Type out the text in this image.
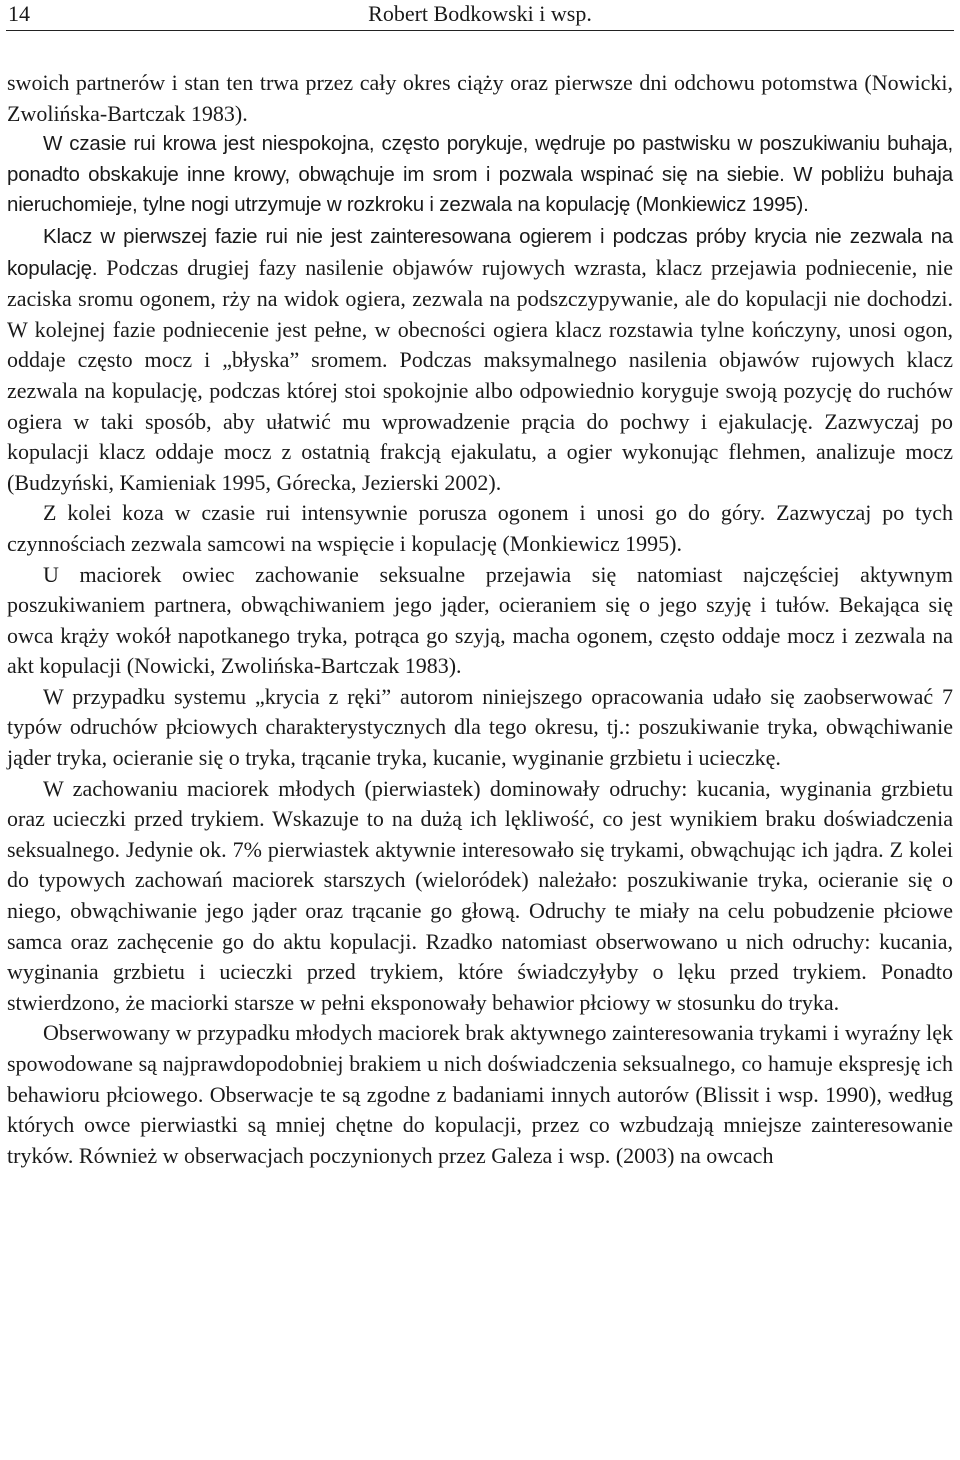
14	Robert Bodkowski i wsp.

swoich partnerów i stan ten trwa przez cały okres ciąży oraz pierwsze dni odchowu potomstwa (Nowicki, Zwolińska-Bartczak 1983).

W czasie rui krowa jest niespokojna, często porykuje, wędruje po pastwisku w poszukiwaniu buhaja, ponadto obskakuje inne krowy, obwąchuje im srom i pozwala wspinać się na siebie. W pobliżu buhaja nieruchomieje, tylne nogi utrzymuje w rozkroku i zezwala na kopulację (Monkiewicz 1995).

Klacz w pierwszej fazie rui nie jest zainteresowana ogierem i podczas próby krycia nie zezwala na kopulację. Podczas drugiej fazy nasilenie objawów rujowych wzrasta, klacz przejawia podniecenie, nie zaciska sromu ogonem, rży na widok ogiera, zezwala na podszczypywanie, ale do kopulacji nie dochodzi. W kolejnej fazie podniecenie jest pełne, w obecności ogiera klacz rozstawia tylne kończyny, unosi ogon, oddaje często mocz i „błyska” sromem. Podczas maksymalnego nasilenia objawów rujowych klacz zezwala na kopulację, podczas której stoi spokojnie albo odpowiednio koryguje swoją pozycję do ruchów ogiera w taki sposób, aby ułatwić mu wprowadzenie prącia do pochwy i ejakulację. Zazwyczaj po kopulacji klacz oddaje mocz z ostatnią frakcją ejakulatu, a ogier wykonując flehmen, analizuje mocz (Budzyński, Kamieniak 1995, Górecka, Jezierski 2002).

Z kolei koza w czasie rui intensywnie porusza ogonem i unosi go do góry. Zazwyczaj po tych czynnościach zezwala samcowi na wspięcie i kopulację (Monkiewicz 1995).

U maciorek owiec zachowanie seksualne przejawia się natomiast najczęściej aktywnym poszukiwaniem partnera, obwąchiwaniem jego jąder, ocieraniem się o jego szyję i tułów. Bekająca się owca krąży wokół napotkanego tryka, potrąca go szyją, macha ogonem, często oddaje mocz i zezwala na akt kopulacji (Nowicki, Zwolińska-Bartczak 1983).

W przypadku systemu „krycia z ręki” autorom niniejszego opracowania udało się zaobserwować 7 typów odruchów płciowych charakterystycznych dla tego okresu, tj.: poszukiwanie tryka, obwąchiwanie jąder tryka, ocieranie się o tryka, trącanie tryka, kucanie, wyginanie grzbietu i ucieczkę.

W zachowaniu maciorek młodych (pierwiastek) dominowały odruchy: kucania, wyginania grzbietu oraz ucieczki przed trykiem. Wskazuje to na dużą ich lękliwość, co jest wynikiem braku doświadczenia seksualnego. Jedynie ok. 7% pierwiastek aktywnie interesowało się trykami, obwąchując ich jądra. Z kolei do typowych zachowań maciorek starszych (wieloródek) należało: poszukiwanie tryka, ocieranie się o niego, obwąchiwanie jego jąder oraz trącanie go głową. Odruchy te miały na celu pobudzenie płciowe samca oraz zachęcenie go do aktu kopulacji. Rzadko natomiast obserwowano u nich odruchy: kucania, wyginania grzbietu i ucieczki przed trykiem, które świadczyłyby o lęku przed trykiem. Ponadto stwierdzono, że maciorki starsze w pełni eksponowały behawior płciowy w stosunku do tryka.

Obserwowany w przypadku młodych maciorek brak aktywnego zainteresowania trykami i wyraźny lęk spowodowane są najprawdopodobniej brakiem u nich doświadczenia seksualnego, co hamuje ekspresję ich behawioru płciowego. Obserwacje te są zgodne z badaniami innych autorów (Blissit i wsp. 1990), według których owce pierwiastki są mniej chętne do kopulacji, przez co wzbudzają mniejsze zainteresowanie tryków. Również w obserwacjach poczynionych przez Galeza i wsp. (2003) na owcach
